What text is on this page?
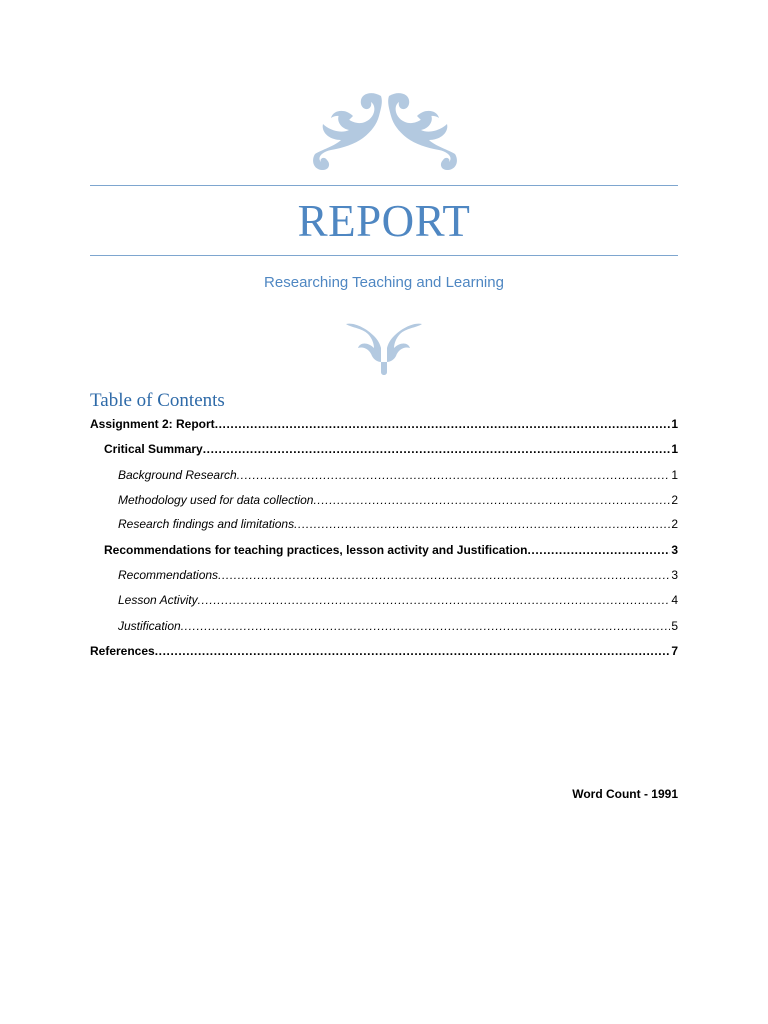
REPORT
Researching Teaching and Learning
Table of Contents
Assignment 2: Report .....	1
Critical Summary .....	1
Background Research .....	1
Methodology used for data collection .....	2
Research findings and limitations .....	2
Recommendations for teaching practices, lesson activity and Justification .....	3
Recommendations .....	3
Lesson Activity .....	4
Justification .....	5
References .....	7
Word Count - 1991
